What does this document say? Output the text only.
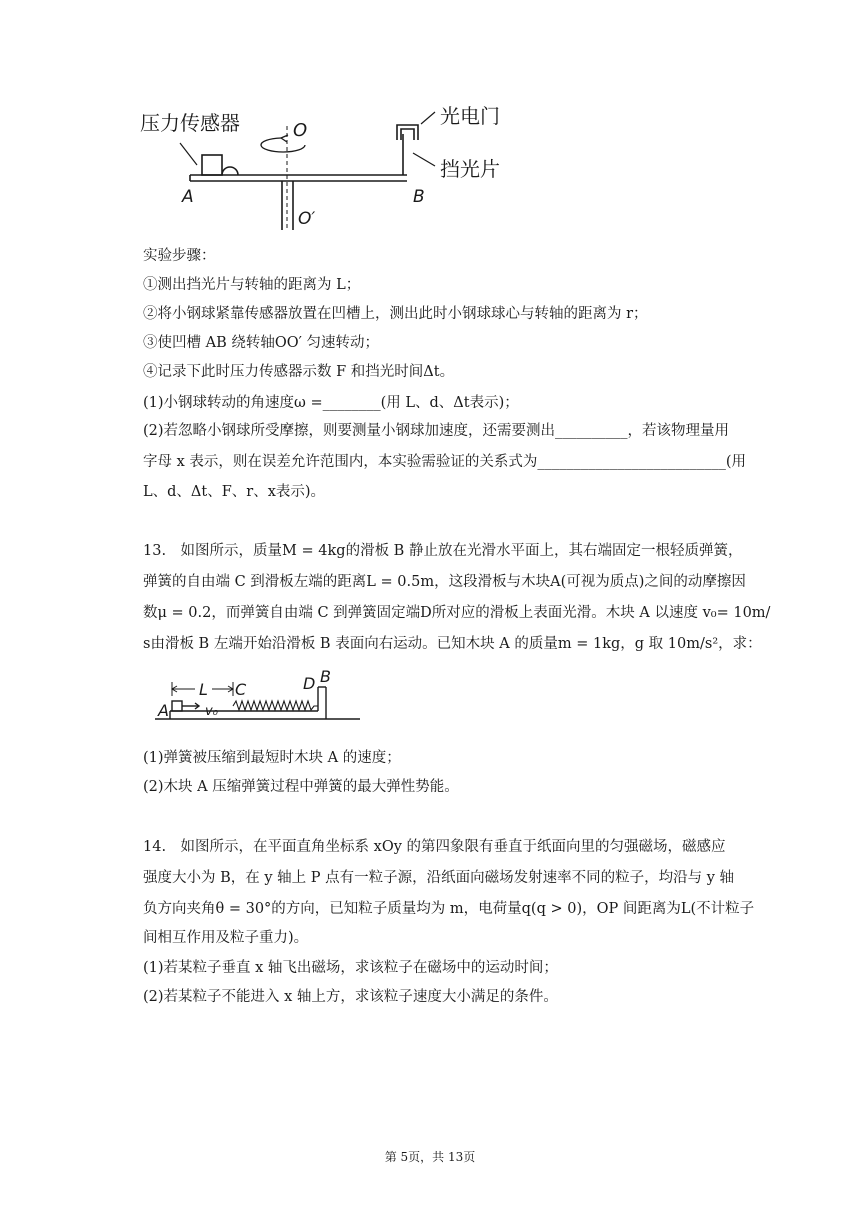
压力传感器	O
O′
A	B
光电门
挡光片
实验步骤：
①测出挡光片与转轴的距离为 L；
②将小钢球紧靠传感器放置在凹槽上，测出此时小钢球球心与转轴的距离为 r；
③使凹槽 AB 绕转轴OO′ 匀速转动；
④记录下此时压力传感器示数 F 和挡光时间Δt。
(1)小钢球转动的角速度ω =________(用 L、d、Δt表示)；
(2)若忽略小钢球所受摩擦，则要测量小钢球加速度，还需要测出__________，若该物理量用
字母 x 表示，则在误差允许范围内，本实验需验证的关系式为__________________________(用
L、d、Δt、F、r、x表示)。
13.　如图所示，质量M = 4kg的滑板 B 静止放在光滑水平面上，其右端固定一根轻质弹簧，
弹簧的自由端 C 到滑板左端的距离L = 0.5m，这段滑板与木块A(可视为质点)之间的动摩擦因
数μ = 0.2，而弹簧自由端 C 到弹簧固定端D所对应的滑板上表面光滑。木块 A 以速度 v₀= 10m/
s由滑板 B 左端开始沿滑板 B 表面向右运动。已知木块 A 的质量m = 1kg，g 取 10m/s²，求：
L C	D B
A	v₀
(1)弹簧被压缩到最短时木块 A 的速度；
(2)木块 A 压缩弹簧过程中弹簧的最大弹性势能。
14.　如图所示，在平面直角坐标系 xOy 的第四象限有垂直于纸面向里的匀强磁场，磁感应
强度大小为 B，在 y 轴上 P 点有一粒子源，沿纸面向磁场发射速率不同的粒子，均沿与 y 轴
负方向夹角θ = 30°的方向，已知粒子质量均为 m，电荷量q(q > 0)，OP 间距离为L(不计粒子
间相互作用及粒子重力)。
(1)若某粒子垂直 x 轴飞出磁场，求该粒子在磁场中的运动时间；
(2)若某粒子不能进入 x 轴上方，求该粒子速度大小满足的条件。
第 5页，共 13页
